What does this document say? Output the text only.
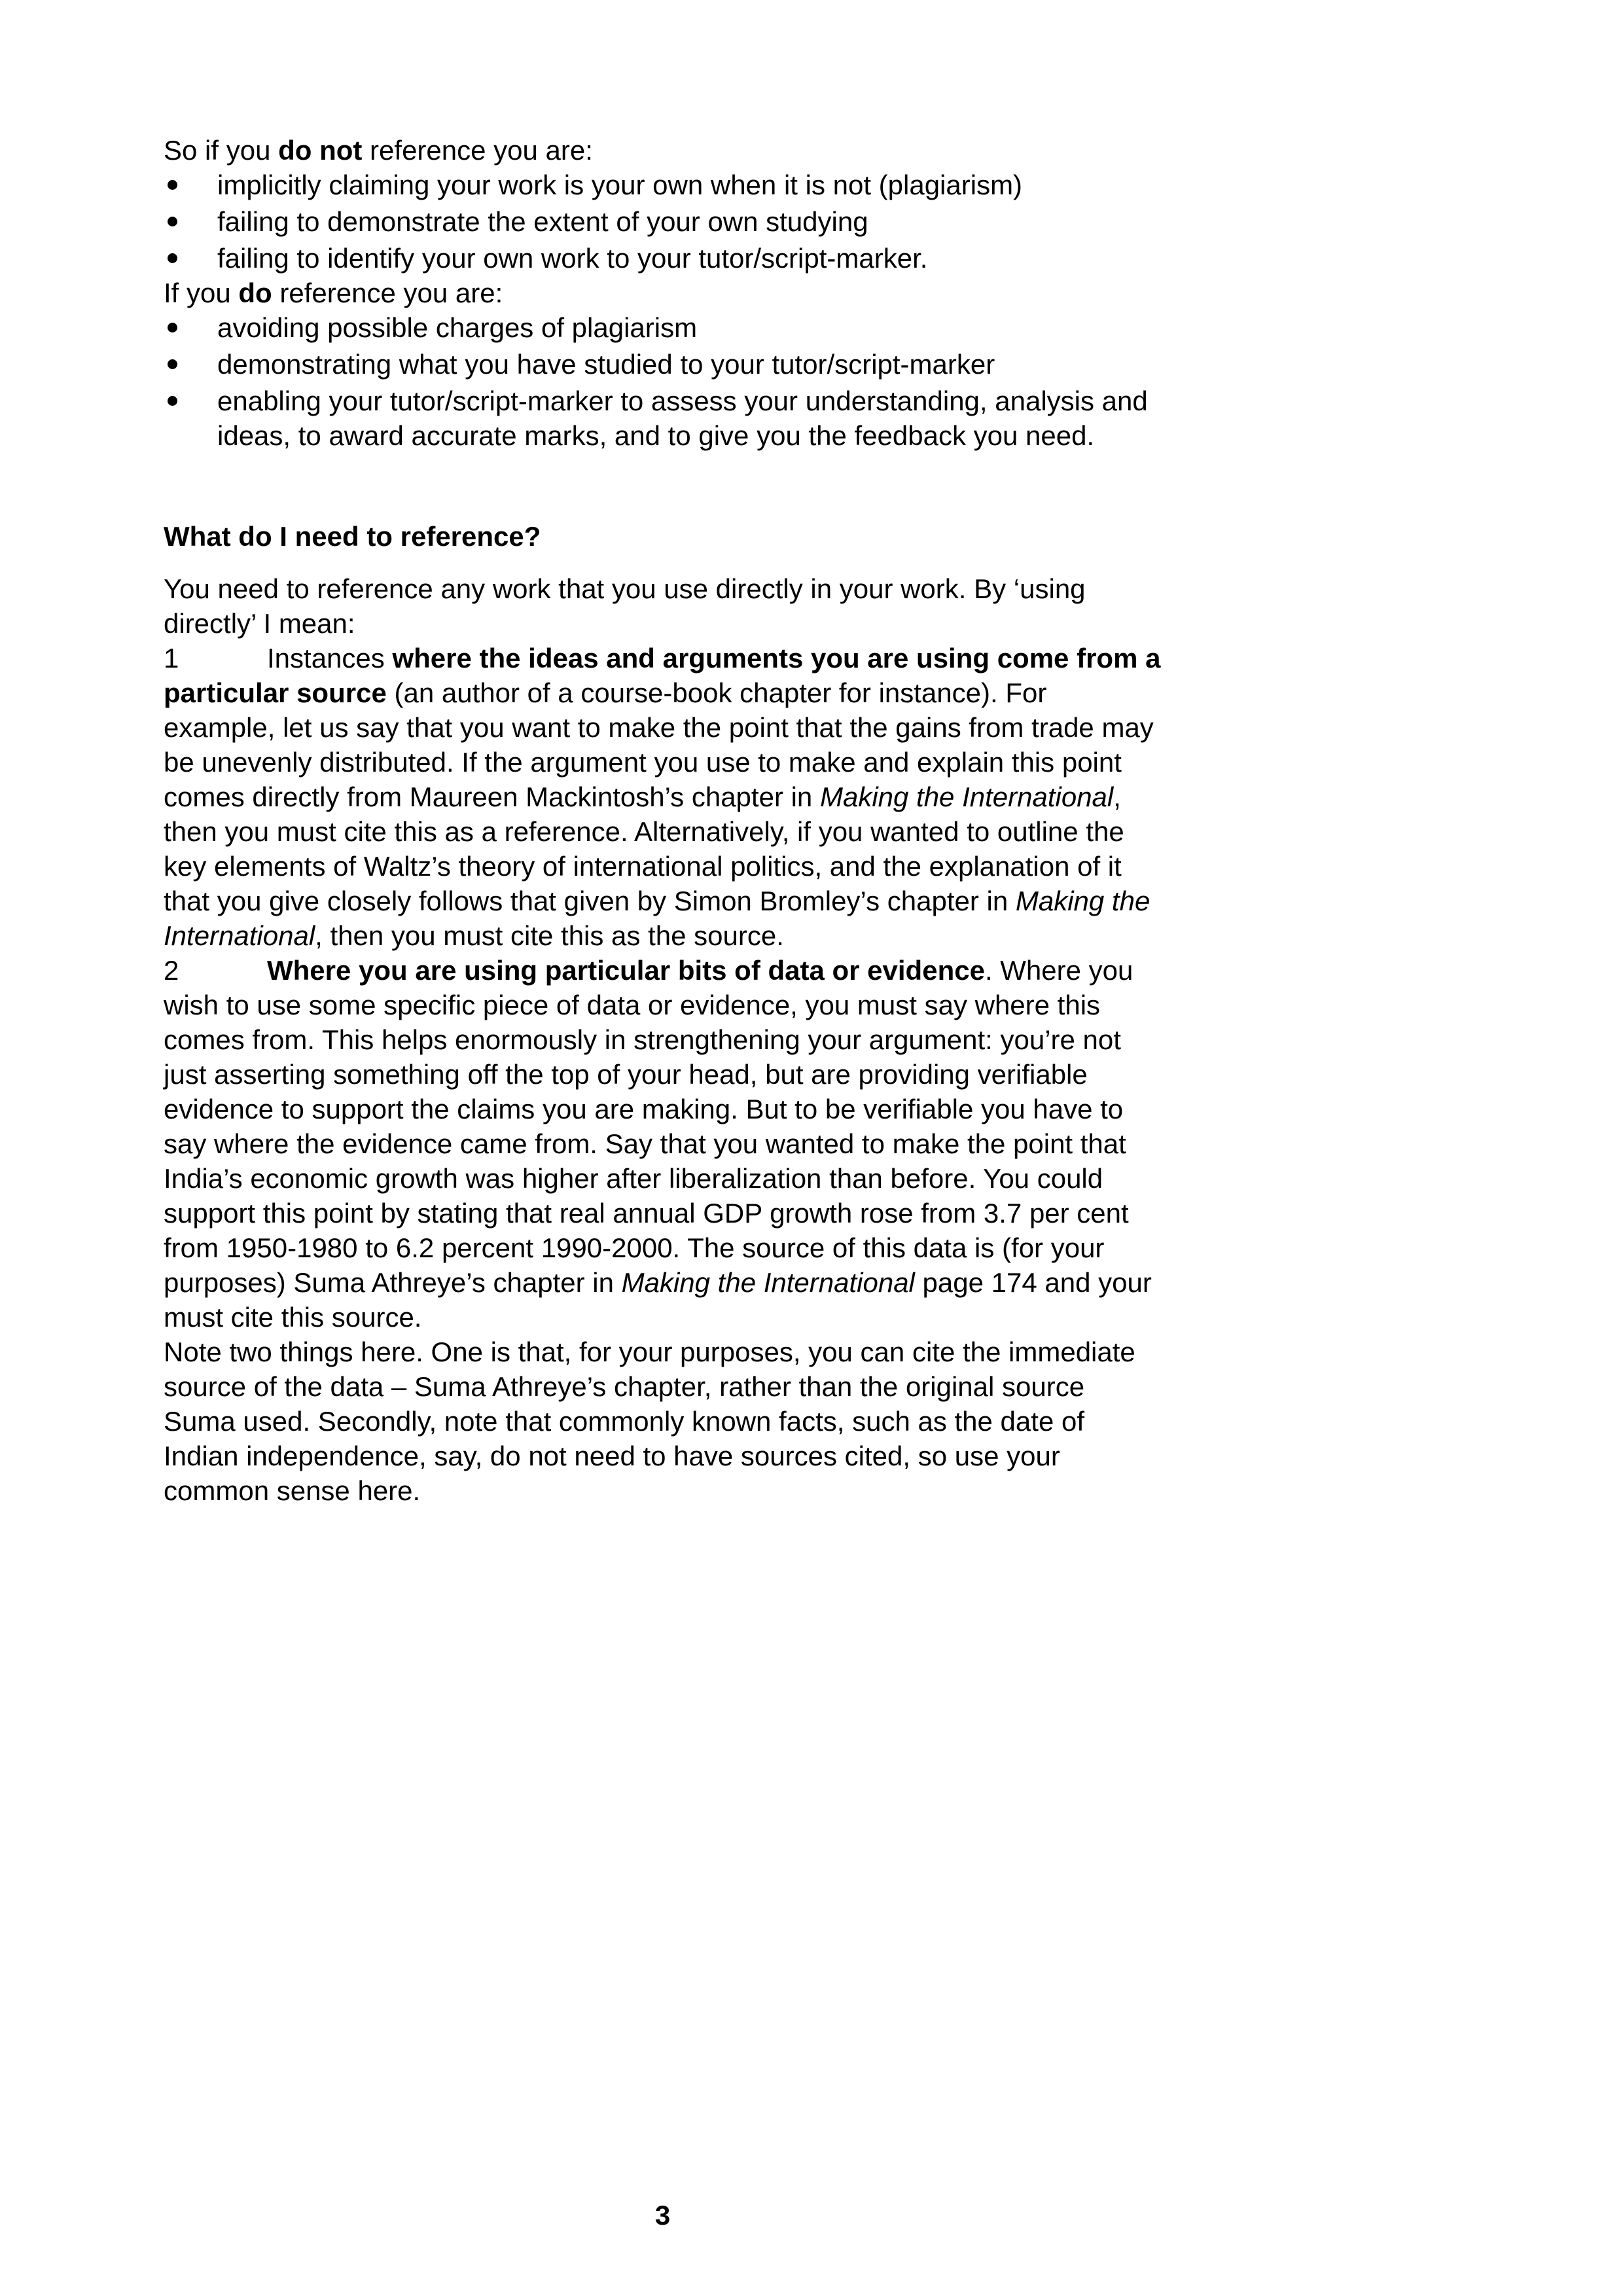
So if you do not reference you are:

implicitly claiming your work is your own when it is not (plagiarism)
failing to demonstrate the extent of your own studying
failing to identify your own work to your tutor/script-marker.

If you do reference you are:

avoiding possible charges of plagiarism
demonstrating what you have studied to your tutor/script-marker
enabling your tutor/script-marker to assess your understanding, analysis and ideas, to award accurate marks, and to give you the feedback you need.
What do I need to reference?

You need to reference any work that you use directly in your work. By ‘using directly’ I mean:

1	Instances where the ideas and arguments you are using come from a particular source (an author of a course-book chapter for instance). For example, let us say that you want to make the point that the gains from trade may be unevenly distributed. If the argument you use to make and explain this point comes directly from Maureen Mackintosh’s chapter in Making the International, then you must cite this as a reference. Alternatively, if you wanted to outline the key elements of Waltz’s theory of international politics, and the explanation of it that you give closely follows that given by Simon Bromley’s chapter in Making the International, then you must cite this as the source.

2	Where you are using particular bits of data or evidence. Where you wish to use some specific piece of data or evidence, you must say where this comes from. This helps enormously in strengthening your argument: you’re not just asserting something off the top of your head, but are providing verifiable evidence to support the claims you are making. But to be verifiable you have to say where the evidence came from. Say that you wanted to make the point that India’s economic growth was higher after liberalization than before. You could support this point by stating that real annual GDP growth rose from 3.7 per cent from 1950-1980 to 6.2 percent 1990-2000. The source of this data is (for your purposes) Suma Athreye’s chapter in Making the International page 174 and your must cite this source.

Note two things here. One is that, for your purposes, you can cite the immediate source of the data – Suma Athreye’s chapter, rather than the original source Suma used. Secondly, note that commonly known facts, such as the date of Indian independence, say, do not need to have sources cited, so use your common sense here.

3
